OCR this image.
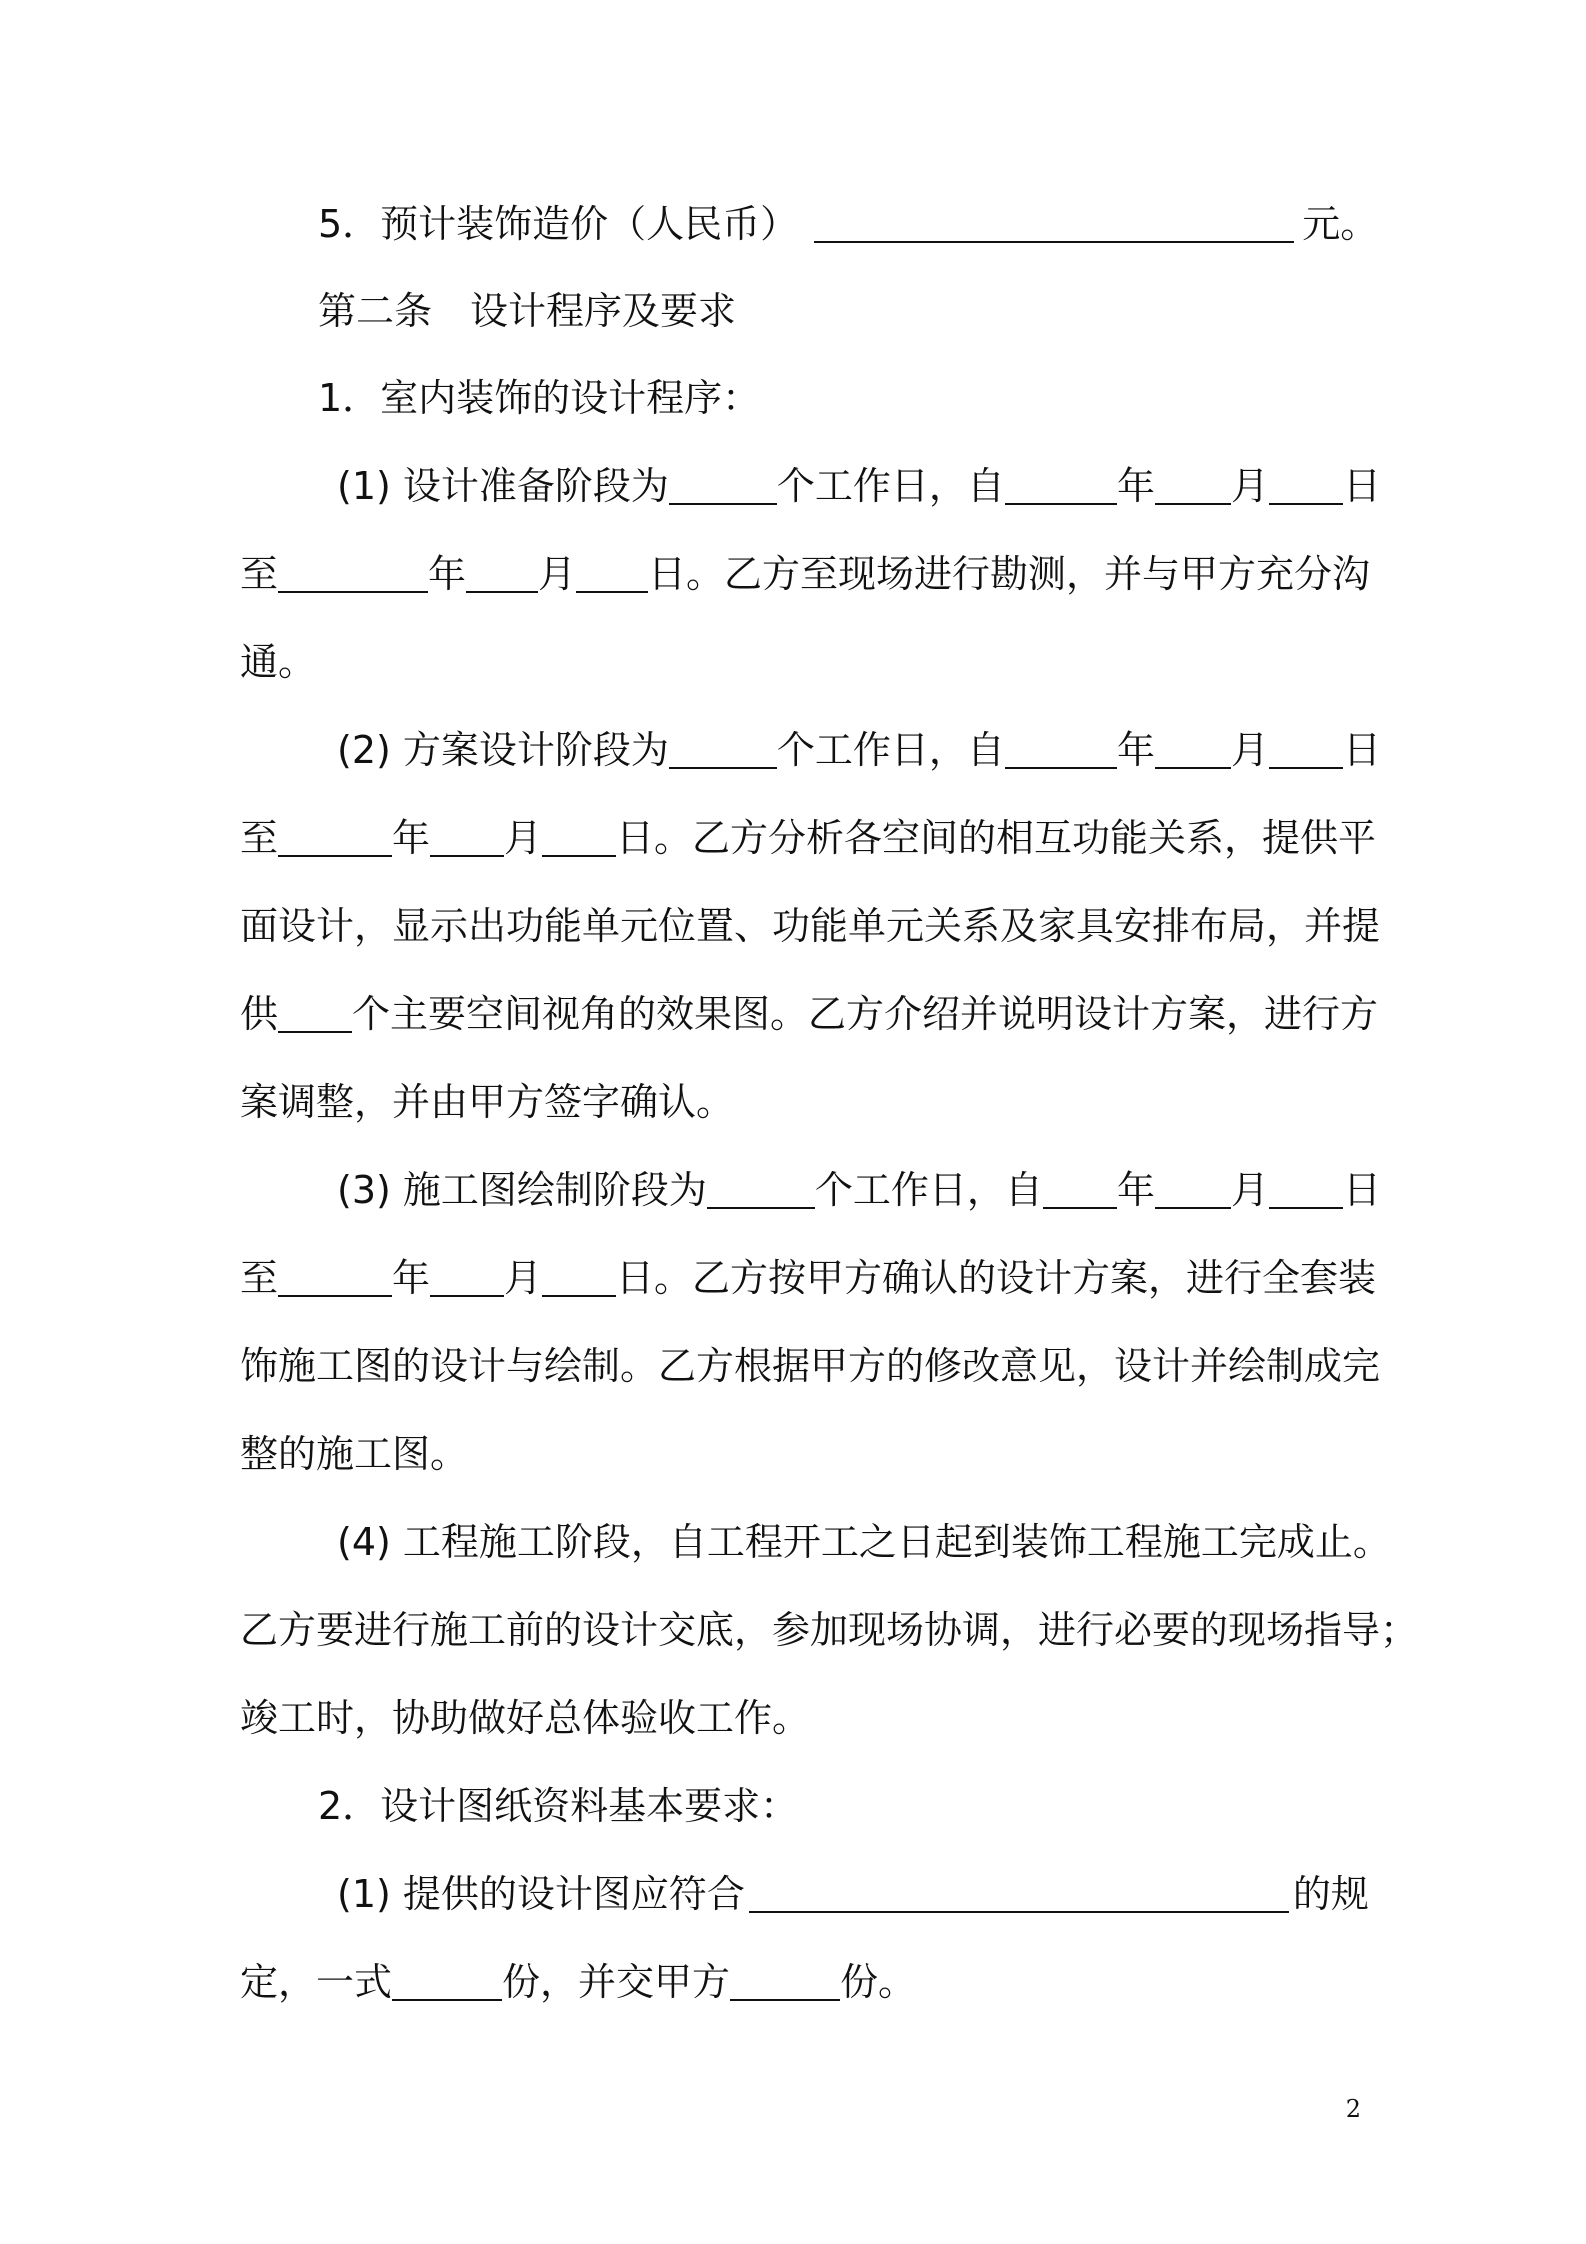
5．预计装饰造价（人民币）	元。
第二条　设计程序及要求
1．室内装饰的设计程序：
(1) 设计准备阶段为	个工作日，自	年 月 日
至	年 月 日。乙方至现场进行勘测，并与甲方充分沟
通。
(2) 方案设计阶段为	个工作日，自	年 月 日
至	年 月 日。乙方分析各空间的相互功能关系，提供平
面设计，显示出功能单元位置、功能单元关系及家具安排布局，并提
供 个主要空间视角的效果图。乙方介绍并说明设计方案，进行方
案调整，并由甲方签字确认。
(3) 施工图绘制阶段为	个工作日，自 年 月 日
至	年 月 日。乙方按甲方确认的设计方案，进行全套装
饰施工图的设计与绘制。乙方根据甲方的修改意见，设计并绘制成完
整的施工图。
(4) 工程施工阶段，自工程开工之日起到装饰工程施工完成止。
乙方要进行施工前的设计交底，参加现场协调，进行必要的现场指导；
竣工时，协助做好总体验收工作。
2．设计图纸资料基本要求：
(1) 提供的设计图应符合	的规
定，一式	份，并交甲方	份。
2
